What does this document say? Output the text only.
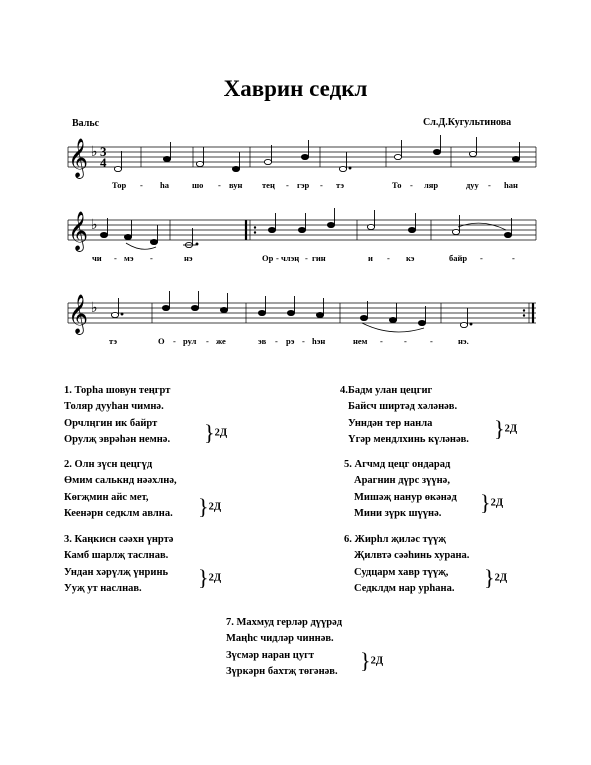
Хаврин седкл
Вальс	Сл.Д.Кугультинова
𝄞 ♭ 3
4
Тор - һа	шо - вун тең - гэр - тэ	То - ляр	дуу - һан
𝄞 ♭
чи - мэ -	нэ	Ор - члэң - гин	и - кэ	байр -	-
𝄞 ♭
тэ	О - рул - же	эв - рэ - һэн	нем - -	-	нэ.
1. Торһа шовун теңгрт
Толяр дууһан чимнә.
Орчлңгин ик байрт
Орулҗ эврәһән немнә. }2Д
4.Бадм улан цецгиг
Байсч ширтәд хәләнәв.
Унндән тер нанла
Үгәр мендлхинь күләнәв. }2Д
2. Олн зүсн цецгүд
Өмим салькнд нәәхлнә,
Көгҗмин айс мет,
Кеенәрн седклм авлна. }2Д
5. Агчмд цецг ондарад
Арагнин дүрс зүүнә,
Мишәҗ нанур өкәнәд
Мини зүрк шүүнә.	}2Д
3. Каңкисн сәәхн үнртә
Камб шарлҗ таслнав.
Ундан хәрүлҗ үнринь
Ууҗ ут наслнав.	}2Д
6. Жирһл җиләс түүҗ
Җилвтә сәәһинь хурана.
Судцарм хавр түүҗ,
Седклдм нар урһана.	}2Д
7. Махмуд герләр дүүрәд
Маңһс чидләр чиннәв.
Зүсмәр наран цугт
Зүркәрн бахтҗ төгәнәв. }2Д
